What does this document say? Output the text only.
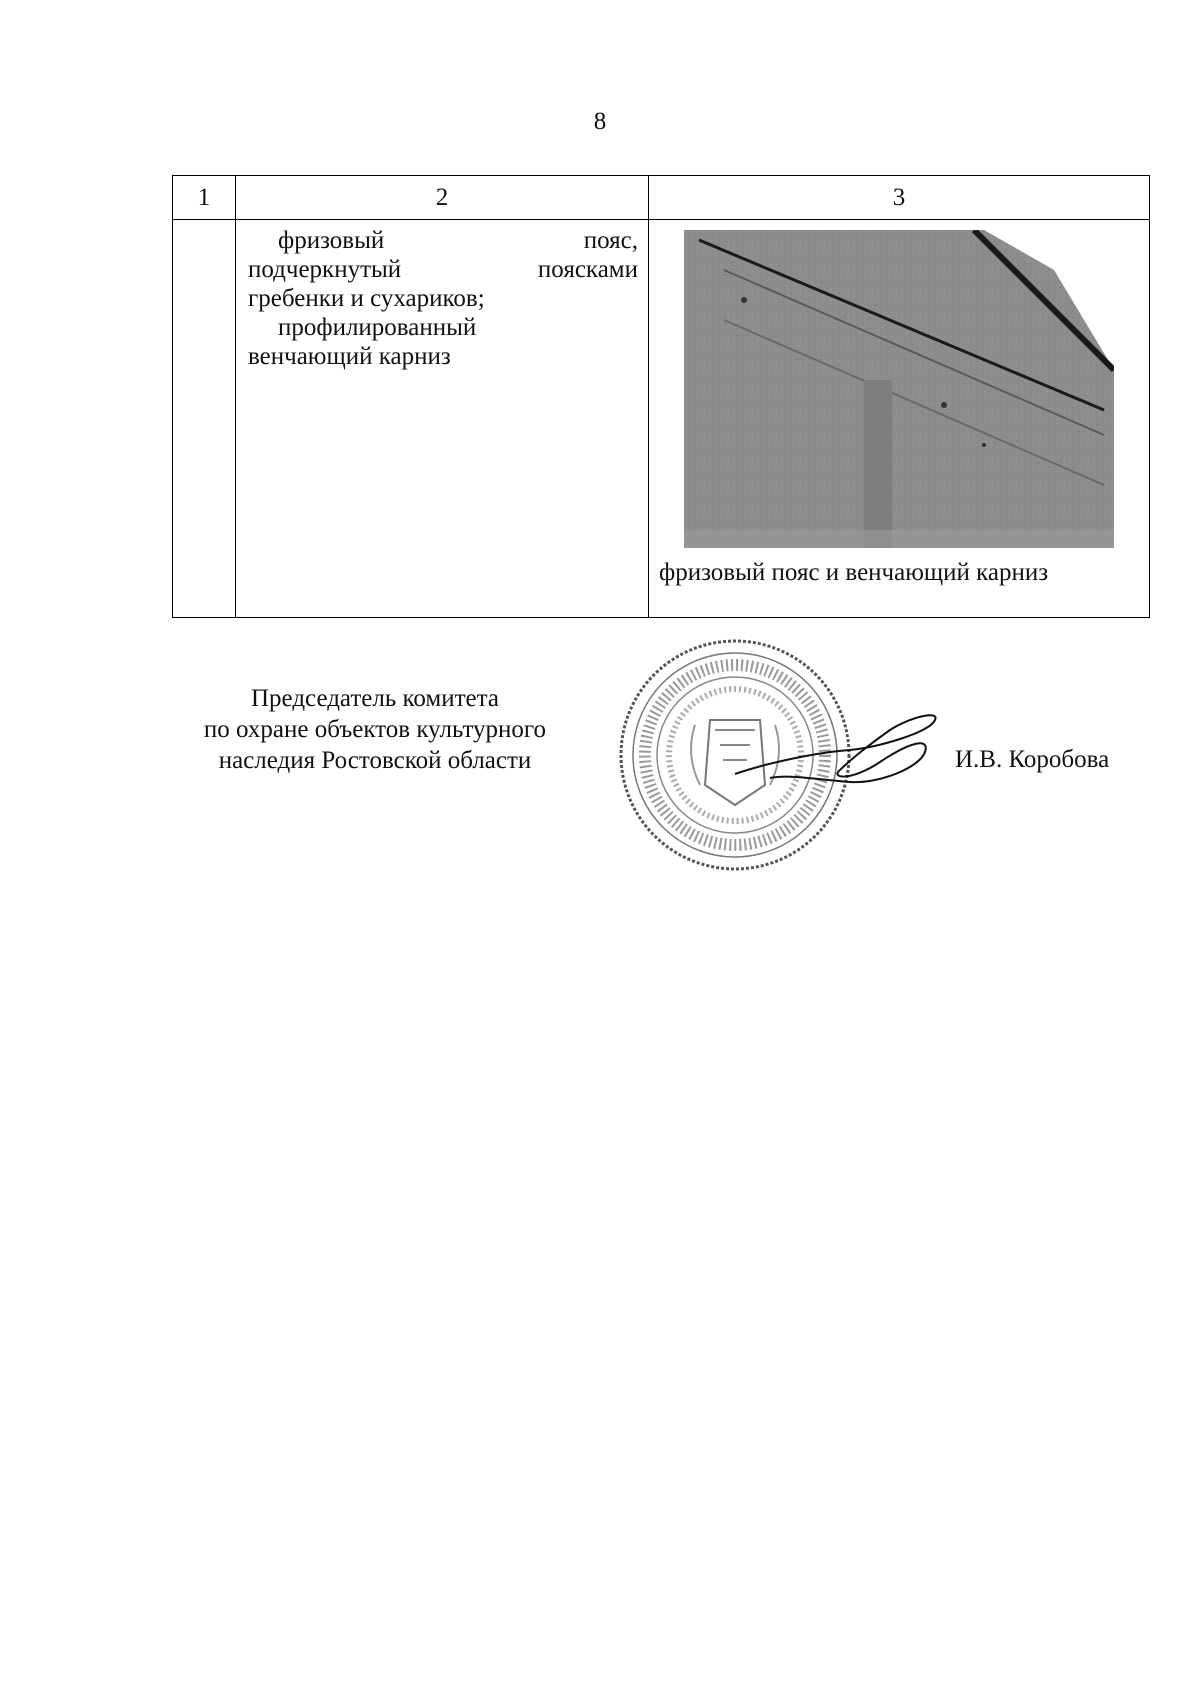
8
1	2	3

	фризовый пояс,

подчеркнутый поясками

гребенки и сухариков;

профилированный

венчающий карниз	фризовый пояс и венчающий карниз
Председатель комитета
по охране объектов культурного
наследия Ростовской области	И.В. Коробова
